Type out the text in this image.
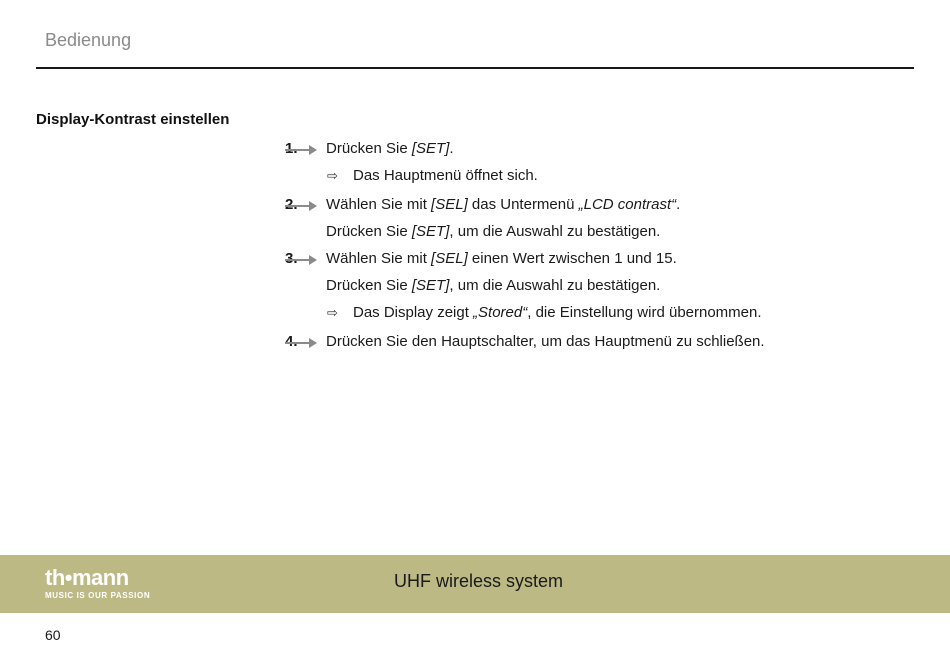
Bedienung
Display-Kontrast einstellen
1. Drücken Sie [SET].
⇨ Das Hauptmenü öffnet sich.
2. Wählen Sie mit [SEL] das Untermenü „LCD contrast“.
Drücken Sie [SET], um die Auswahl zu bestätigen.
3. Wählen Sie mit [SEL] einen Wert zwischen 1 und 15.
Drücken Sie [SET], um die Auswahl zu bestätigen.
⇨ Das Display zeigt „Stored“, die Einstellung wird übernommen.
4. Drücken Sie den Hauptschalter, um das Hauptmenü zu schließen.
th•mann
MUSIC IS OUR PASSION
UHF wireless system
60
